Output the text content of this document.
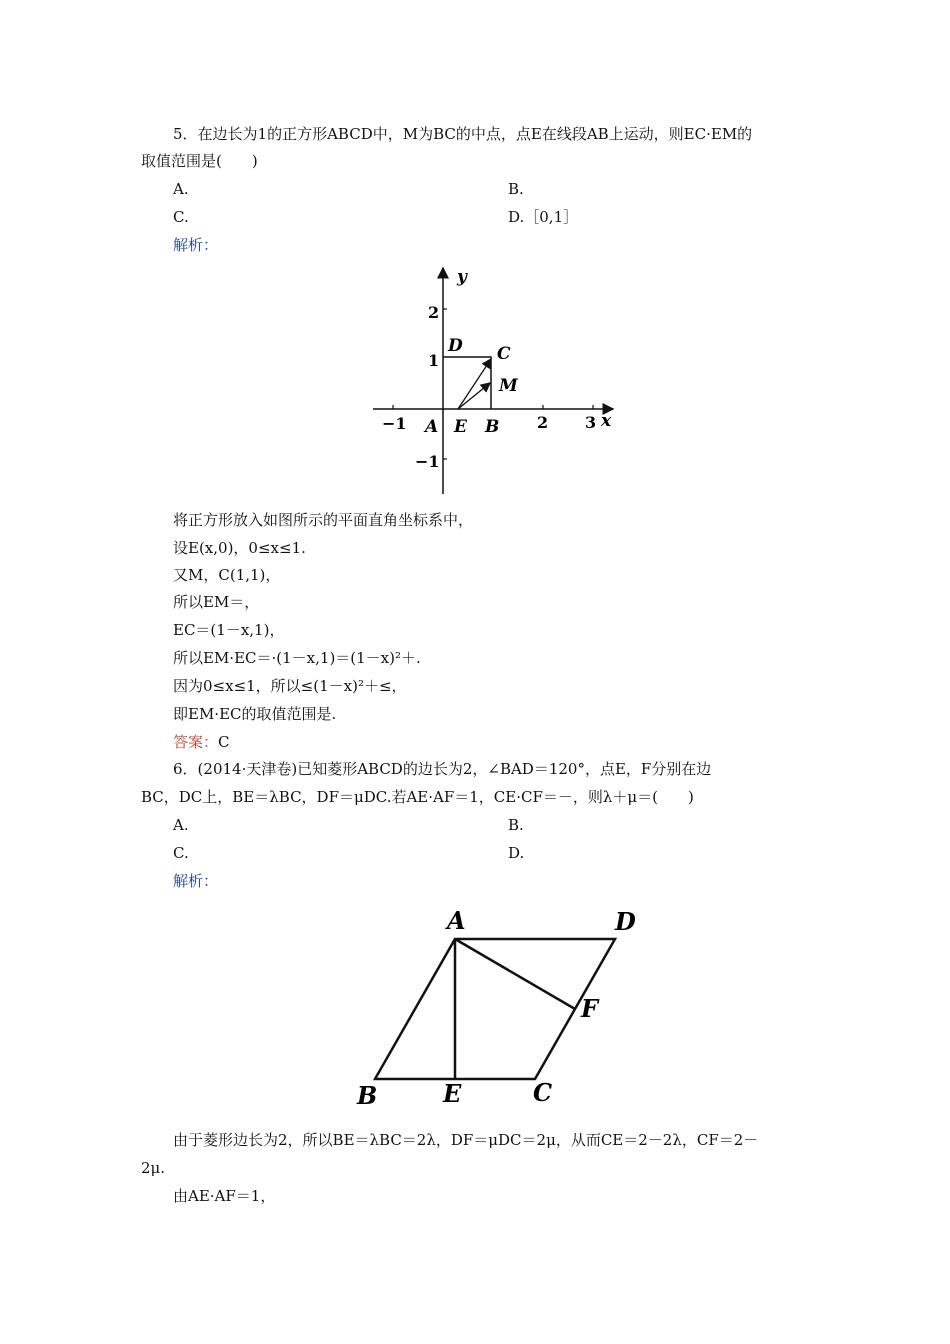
5．在边长为1的正方形ABCD中，M为BC的中点，点E在线段AB上运动，则EC·EM的
取值范围是(　　)
A.	B.
C.	D.［0,1］
解析：
y
x
−1	2 3
1
2
−1
D C
M
A E B
将正方形放入如图所示的平面直角坐标系中，
设E(x,0)，0≤x≤1.
又M，C(1,1)，
所以EM＝，
EC＝(1－x,1)，
所以EM·EC＝·(1－x,1)＝(1－x)²＋.
因为0≤x≤1，所以≤(1－x)²＋≤，
即EM·EC的取值范围是.
答案：C
6．(2014·天津卷)已知菱形ABCD的边长为2，∠BAD＝120°，点E，F分别在边
BC，DC上，BE＝λBC，DF＝μDC.若AE·AF＝1，CE·CF＝－，则λ＋μ＝(　　)
A.	B.
C.	D.
解析：
A	D
F
B	E	C
由于菱形边长为2，所以BE＝λBC＝2λ，DF＝μDC＝2μ，从而CE＝2－2λ，CF＝2－
2μ.
由AE·AF＝1，
